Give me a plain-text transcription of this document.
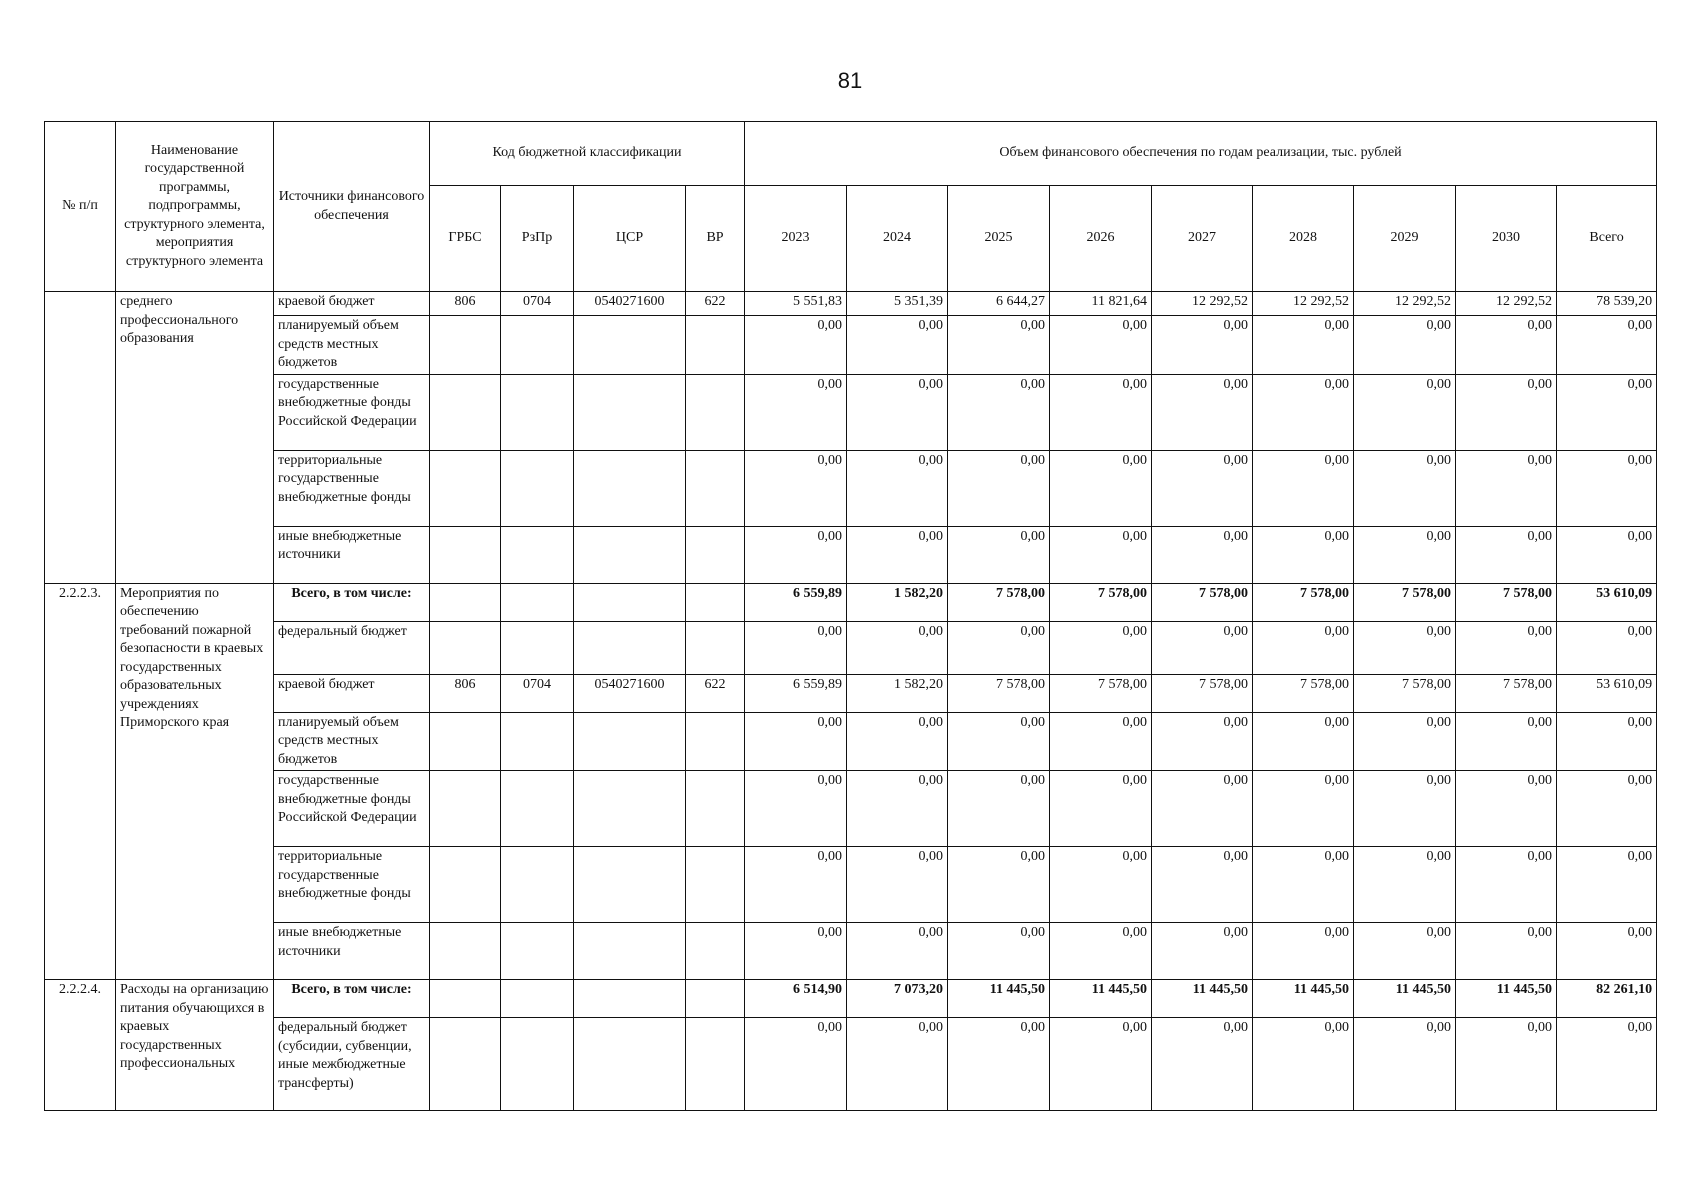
81
№ п/п	Наименование государственной программы, подпрограммы, структурного элемента, мероприятия структурного элемента	Источники финансового обеспечения	Код бюджетной классификации				Объем финансового обеспечения по годам реализации, тыс. рублей								
			ГРБС	РзПр	ЦСР	ВР	2023	2024	2025	2026	2027	2028	2029	2030	Всего
	среднего профессионального образования	краевой бюджет	806	0704	0540271600	622	5 551,83	5 351,39	6 644,27	11 821,64	12 292,52	12 292,52	12 292,52	12 292,52	78 539,20
		планируемый объем средств местных бюджетов					0,00	0,00	0,00	0,00	0,00	0,00	0,00	0,00	0,00
		государственные внебюджетные фонды Российской Федерации					0,00	0,00	0,00	0,00	0,00	0,00	0,00	0,00	0,00
		территориальные государственные внебюджетные фонды					0,00	0,00	0,00	0,00	0,00	0,00	0,00	0,00	0,00
		иные внебюджетные источники					0,00	0,00	0,00	0,00	0,00	0,00	0,00	0,00	0,00
2.2.2.3.	Мероприятия по обеспечению требований пожарной безопасности в краевых государственных образовательных учреждениях Приморского края	Всего, в том числе:					6 559,89	1 582,20	7 578,00	7 578,00	7 578,00	7 578,00	7 578,00	7 578,00	53 610,09
		федеральный бюджет					0,00	0,00	0,00	0,00	0,00	0,00	0,00	0,00	0,00
		краевой бюджет	806	0704	0540271600	622	6 559,89	1 582,20	7 578,00	7 578,00	7 578,00	7 578,00	7 578,00	7 578,00	53 610,09
		планируемый объем средств местных бюджетов					0,00	0,00	0,00	0,00	0,00	0,00	0,00	0,00	0,00
		государственные внебюджетные фонды Российской Федерации					0,00	0,00	0,00	0,00	0,00	0,00	0,00	0,00	0,00
		территориальные государственные внебюджетные фонды					0,00	0,00	0,00	0,00	0,00	0,00	0,00	0,00	0,00
		иные внебюджетные источники					0,00	0,00	0,00	0,00	0,00	0,00	0,00	0,00	0,00
2.2.2.4.	Расходы на организацию питания обучающихся в краевых государственных профессиональных	Всего, в том числе:					6 514,90	7 073,20	11 445,50	11 445,50	11 445,50	11 445,50	11 445,50	11 445,50	82 261,10
		федеральный бюджет (субсидии, субвенции, иные межбюджетные трансферты)					0,00	0,00	0,00	0,00	0,00	0,00	0,00	0,00	0,00
